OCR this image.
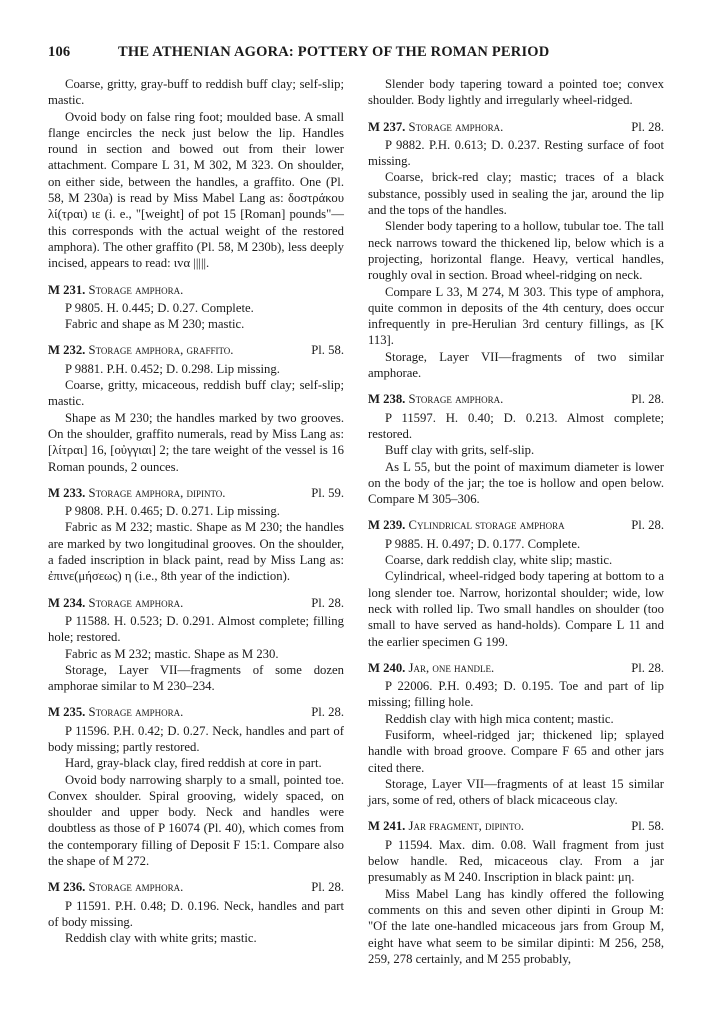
106	THE ATHENIAN AGORA: POTTERY OF THE ROMAN PERIOD

Coarse, gritty, gray-buff to reddish buff clay; self-slip; mastic.

Ovoid body on false ring foot; moulded base. A small flange encircles the neck just below the lip. Handles round in section and bowed out from their lower attachment. Compare L 31, M 302, M 323. On shoulder, on either side, between the handles, a graffito. One (Pl. 58, M 230a) is read by Miss Mabel Lang as: δοστράκου λί(τραι) ιε (i. e., "[weight] of pot 15 [Roman] pounds"—this corresponds with the actual weight of the restored amphora). The other graffito (Pl. 58, M 230b), less deeply incised, appears to read: ιvα |||||.

M 231. Storage amphora.

P 9805. H. 0.445; D. 0.27. Complete.

Fabric and shape as M 230; mastic.

M 232. Storage amphora, graffito.	Pl. 58.

P 9881. P.H. 0.452; D. 0.298. Lip missing.

Coarse, gritty, micaceous, reddish buff clay; self-slip; mastic.

Shape as M 230; the handles marked by two grooves. On the shoulder, graffito numerals, read by Miss Lang as: [λίτραι] 16, [οὐγγιαι] 2; the tare weight of the vessel is 16 Roman pounds, 2 ounces.

M 233. Storage amphora, dipinto.	Pl. 59.

P 9808. P.H. 0.465; D. 0.271. Lip missing.

Fabric as M 232; mastic. Shape as M 230; the handles are marked by two longitudinal grooves. On the shoulder, a faded inscription in black paint, read by Miss Lang as: ἐπινε(μήσεως) η (i.e., 8th year of the indiction).

M 234. Storage amphora.	Pl. 28.

P 11588. H. 0.523; D. 0.291. Almost complete; filling hole; restored.

Fabric as M 232; mastic. Shape as M 230.

Storage, Layer VII—fragments of some dozen amphorae similar to M 230–234.

M 235. Storage amphora.	Pl. 28.

P 11596. P.H. 0.42; D. 0.27. Neck, handles and part of body missing; partly restored.

Hard, gray-black clay, fired reddish at core in part.

Ovoid body narrowing sharply to a small, pointed toe. Convex shoulder. Spiral grooving, widely spaced, on shoulder and upper body. Neck and handles were doubtless as those of P 16074 (Pl. 40), which comes from the contemporary filling of Deposit F 15:1. Compare also the shape of M 272.

M 236. Storage amphora.	Pl. 28.

P 11591. P.H. 0.48; D. 0.196. Neck, handles and part of body missing.

Reddish clay with white grits; mastic.

Slender body tapering toward a pointed toe; convex shoulder. Body lightly and irregularly wheel-ridged.

M 237. Storage amphora.	Pl. 28.

P 9882. P.H. 0.613; D. 0.237. Resting surface of foot missing.

Coarse, brick-red clay; mastic; traces of a black substance, possibly used in sealing the jar, around the lip and the tops of the handles.

Slender body tapering to a hollow, tubular toe. The tall neck narrows toward the thickened lip, below which is a projecting, horizontal flange. Heavy, vertical handles, roughly oval in section. Broad wheel-ridging on neck.

Compare L 33, M 274, M 303. This type of amphora, quite common in deposits of the 4th century, does occur infrequently in pre-Herulian 3rd century fillings, as [K 113].

Storage, Layer VII—fragments of two similar amphorae.

M 238. Storage amphora.	Pl. 28.

P 11597. H. 0.40; D. 0.213. Almost complete; restored.

Buff clay with grits, self-slip.

As L 55, but the point of maximum diameter is lower on the body of the jar; the toe is hollow and open below. Compare M 305–306.

M 239. Cylindrical storage amphora	Pl. 28.

P 9885. H. 0.497; D. 0.177. Complete.

Coarse, dark reddish clay, white slip; mastic.

Cylindrical, wheel-ridged body tapering at bottom to a long slender toe. Narrow, horizontal shoulder; wide, low neck with rolled lip. Two small handles on shoulder (too small to have served as hand-holds). Compare L 11 and the earlier specimen G 199.

M 240. Jar, one handle.	Pl. 28.

P 22006. P.H. 0.493; D. 0.195. Toe and part of lip missing; filling hole.

Reddish clay with high mica content; mastic.

Fusiform, wheel-ridged jar; thickened lip; splayed handle with broad groove. Compare F 65 and other jars cited there.

Storage, Layer VII—fragments of at least 15 similar jars, some of red, others of black micaceous clay.

M 241. Jar fragment, dipinto.	Pl. 58.

P 11594. Max. dim. 0.08. Wall fragment from just below handle. Red, micaceous clay. From a jar presumably as M 240. Inscription in black paint: μη.

Miss Mabel Lang has kindly offered the following comments on this and seven other dipinti in Group M: "Of the late one-handled micaceous jars from Group M, eight have what seem to be similar dipinti: M 256, 258, 259, 278 certainly, and M 255 probably,
